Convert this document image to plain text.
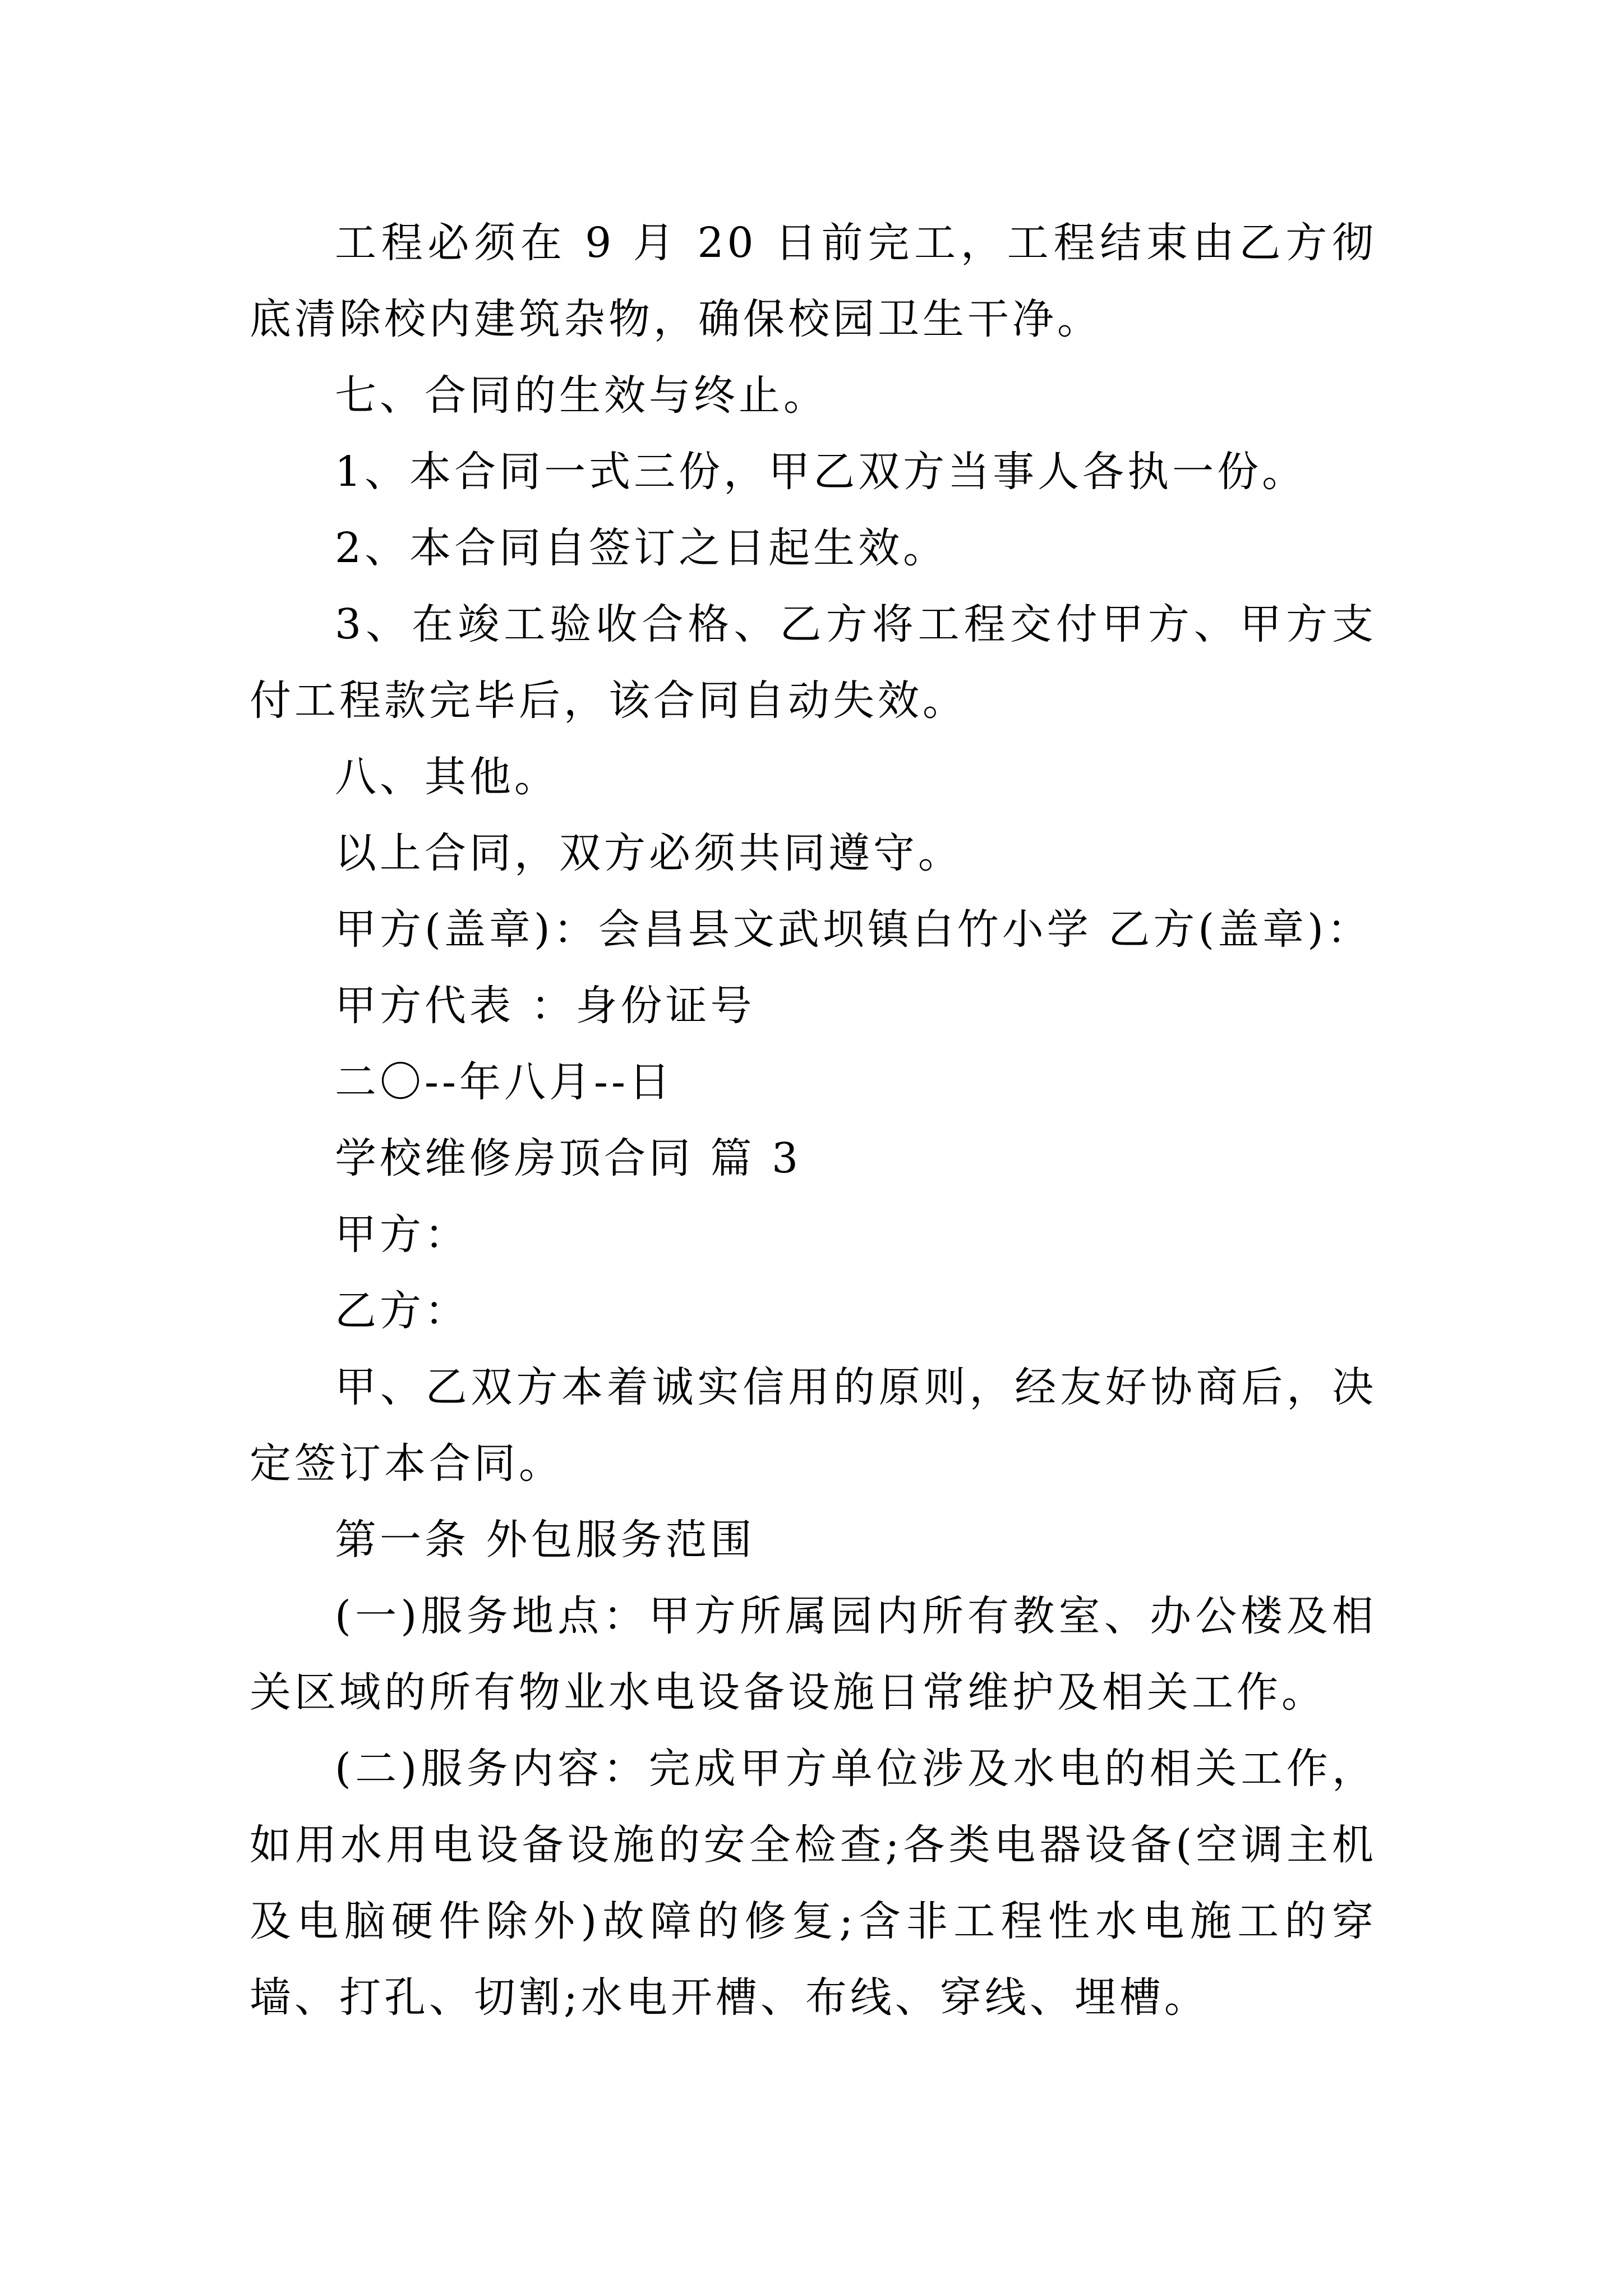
工程必须在 9 月 20 日前完工，工程结束由乙方彻底清除校内建筑杂物，确保校园卫生干净。

七、合同的生效与终止。

1、本合同一式三份，甲乙双方当事人各执一份。

2、本合同自签订之日起生效。

3、在竣工验收合格、乙方将工程交付甲方、甲方支付工程款完毕后，该合同自动失效。

八、其他。

以上合同，双方必须共同遵守。

甲方(盖章)：会昌县文武坝镇白竹小学 乙方(盖章)：

甲方代表 ：身份证号

二〇--年八月--日

学校维修房顶合同 篇 3

甲方：

乙方：

甲、乙双方本着诚实信用的原则，经友好协商后，决定签订本合同。

第一条 外包服务范围

(一)服务地点：甲方所属园内所有教室、办公楼及相关区域的所有物业水电设备设施日常维护及相关工作。

(二)服务内容：完成甲方单位涉及水电的相关工作，如用水用电设备设施的安全检查;各类电器设备(空调主机及电脑硬件除外)故障的修复;含非工程性水电施工的穿墙、打孔、切割;水电开槽、布线、穿线、埋槽。
